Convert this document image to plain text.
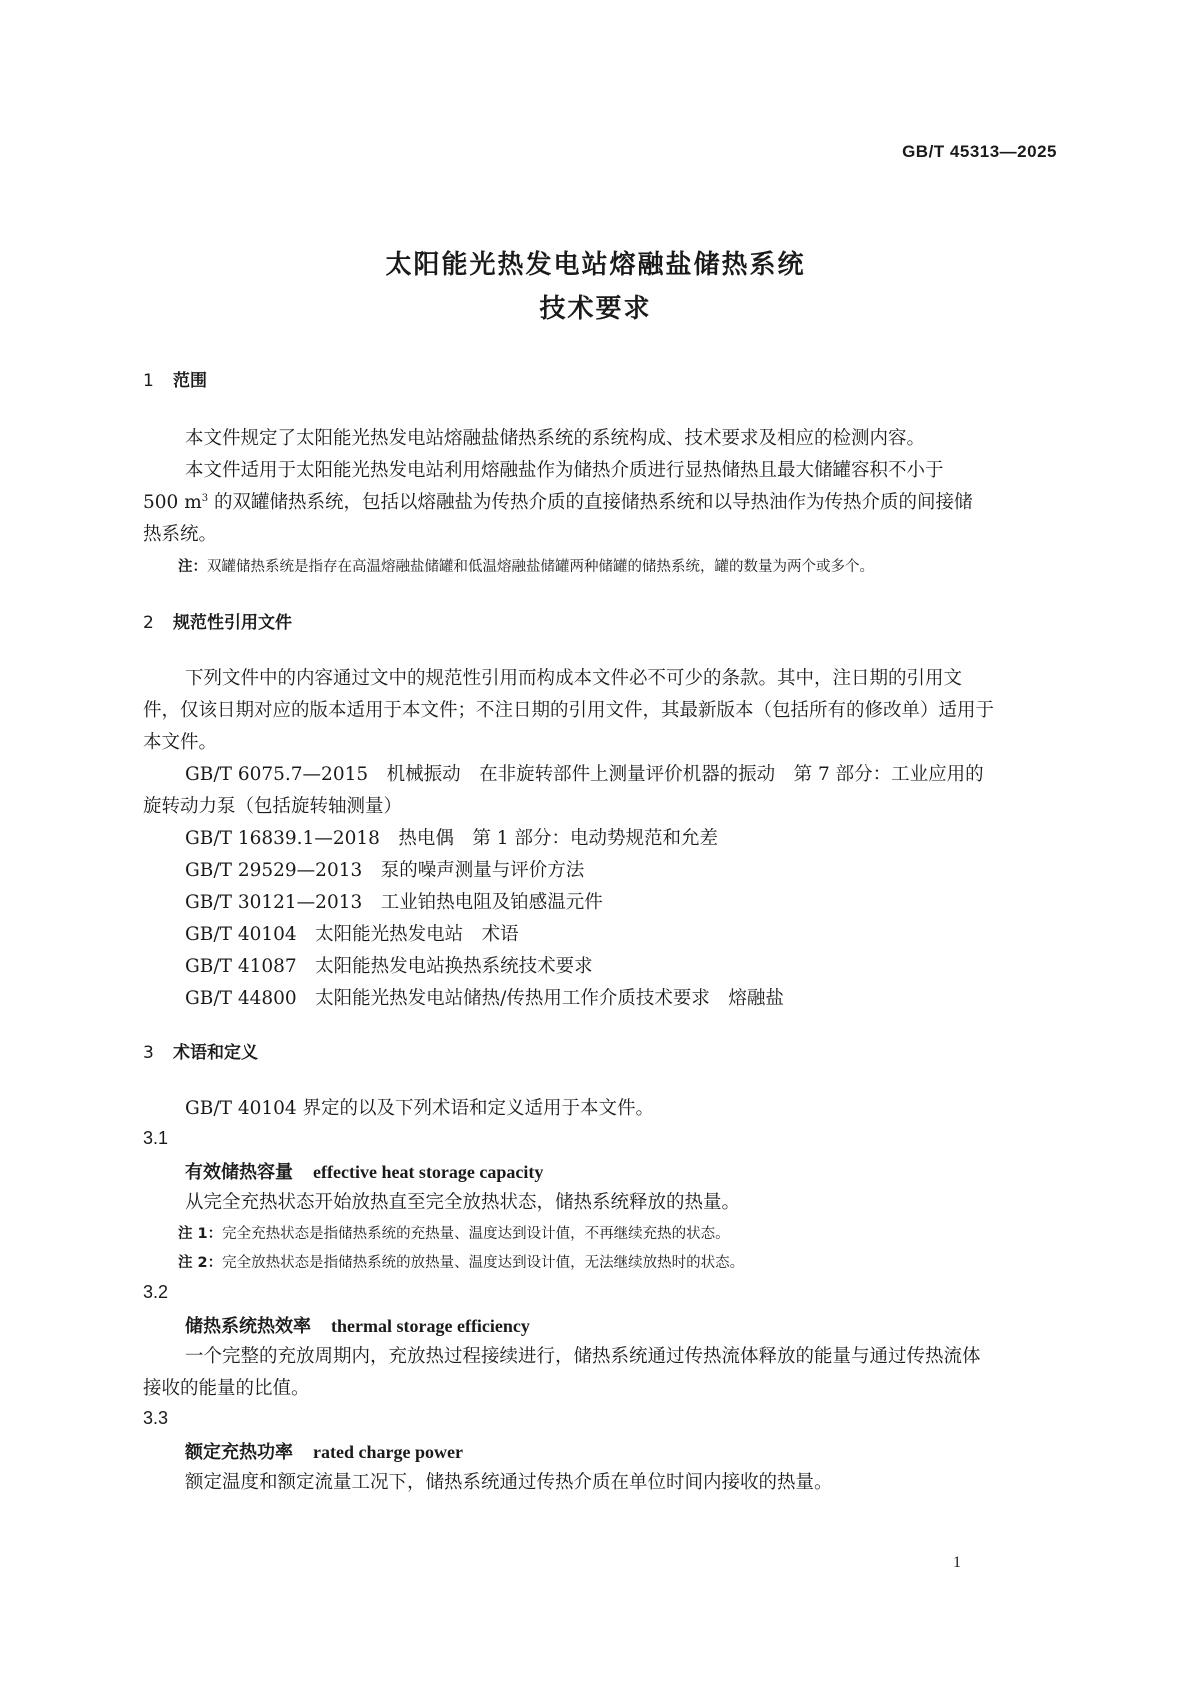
GB/T 45313—2025
太阳能光热发电站熔融盐储热系统
技术要求
1 范围
本文件规定了太阳能光热发电站熔融盐储热系统的系统构成、技术要求及相应的检测内容。
本文件适用于太阳能光热发电站利用熔融盐作为储热介质进行显热储热且最大储罐容积不小于
500 $m^3$ 的双罐储热系统，包括以熔融盐为传热介质的直接储热系统和以导热油作为传热介质的间接储
热系统。
注：双罐储热系统是指存在高温熔融盐储罐和低温熔融盐储罐两种储罐的储热系统，罐的数量为两个或多个。
2 规范性引用文件
下列文件中的内容通过文中的规范性引用而构成本文件必不可少的条款。其中，注日期的引用文
件，仅该日期对应的版本适用于本文件；不注日期的引用文件，其最新版本（包括所有的修改单）适用于
本文件。
GB/T 6075.7—2015　机械振动　在非旋转部件上测量评价机器的振动　第 7 部分：工业应用的
旋转动力泵（包括旋转轴测量）
GB/T 16839.1—2018　热电偶　第 1 部分：电动势规范和允差
GB/T 29529—2013　泵的噪声测量与评价方法
GB/T 30121—2013　工业铂热电阻及铂感温元件
GB/T 40104　太阳能光热发电站　术语
GB/T 41087　太阳能热发电站换热系统技术要求
GB/T 44800　太阳能光热发电站储热/传热用工作介质技术要求　熔融盐
3 术语和定义
GB/T 40104 界定的以及下列术语和定义适用于本文件。
3.1
有效储热容量 effective heat storage capacity
从完全充热状态开始放热直至完全放热状态，储热系统释放的热量。
注 1：完全充热状态是指储热系统的充热量、温度达到设计值，不再继续充热的状态。
注 2：完全放热状态是指储热系统的放热量、温度达到设计值，无法继续放热时的状态。
3.2
储热系统热效率 thermal storage efficiency
一个完整的充放周期内，充放热过程接续进行，储热系统通过传热流体释放的能量与通过传热流体
接收的能量的比值。
3.3
额定充热功率 rated charge power
额定温度和额定流量工况下，储热系统通过传热介质在单位时间内接收的热量。
1
